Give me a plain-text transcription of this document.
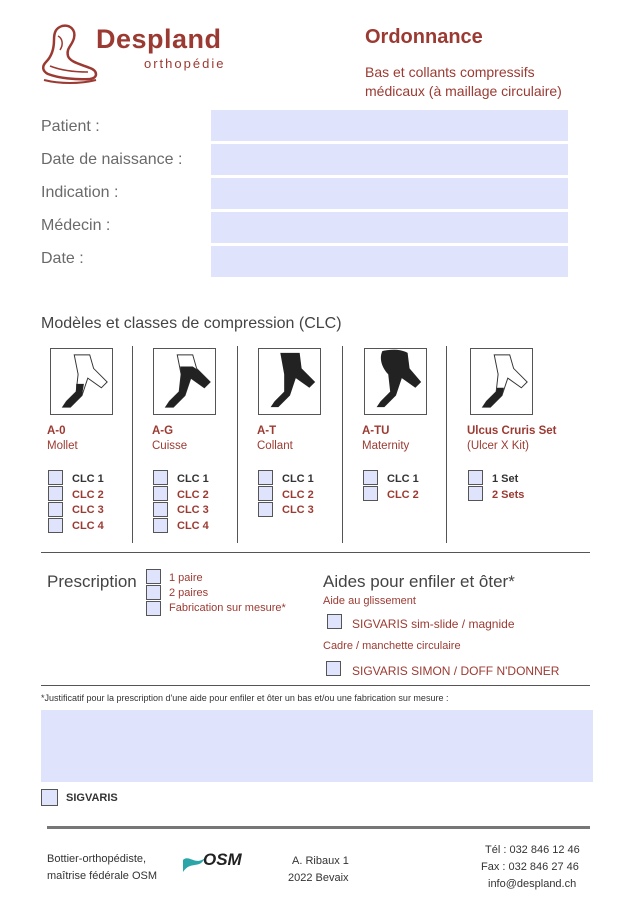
Despland
orthopédie
Ordonnance
Bas et collants compressifs
médicaux (à maillage circulaire)
Patient :
Date de naissance :
Indication :
Médecin :
Date :
Modèles et classes de compression (CLC)
A-0
Mollet
CLC 1
CLC 2
CLC 3
CLC 4
A-G
Cuisse
CLC 1
CLC 2
CLC 3
CLC 4
A-T
Collant
CLC 1
CLC 2
CLC 3
A-TU
Maternity
CLC 1
CLC 2
Ulcus Cruris Set
(Ulcer X Kit)
1 Set
2 Sets
Prescription	1 paire
2 paires
Fabrication sur mesure*
Aides pour enfiler et ôter*
Aide au glissement
SIGVARIS sim-slide / magnide
Cadre / manchette circulaire
SIGVARIS SIMON / DOFF N'DONNER
*Justificatif pour la prescription d'une aide pour enfiler et ôter un bas et/ou une fabrication sur mesure :
SIGVARIS
Bottier-orthopédiste,
maîtrise fédérale OSM
OSM	A. Ribaux 1
2022 Bevaix
Tél : 032 846 12 46
Fax : 032 846 27 46
info@despland.ch
